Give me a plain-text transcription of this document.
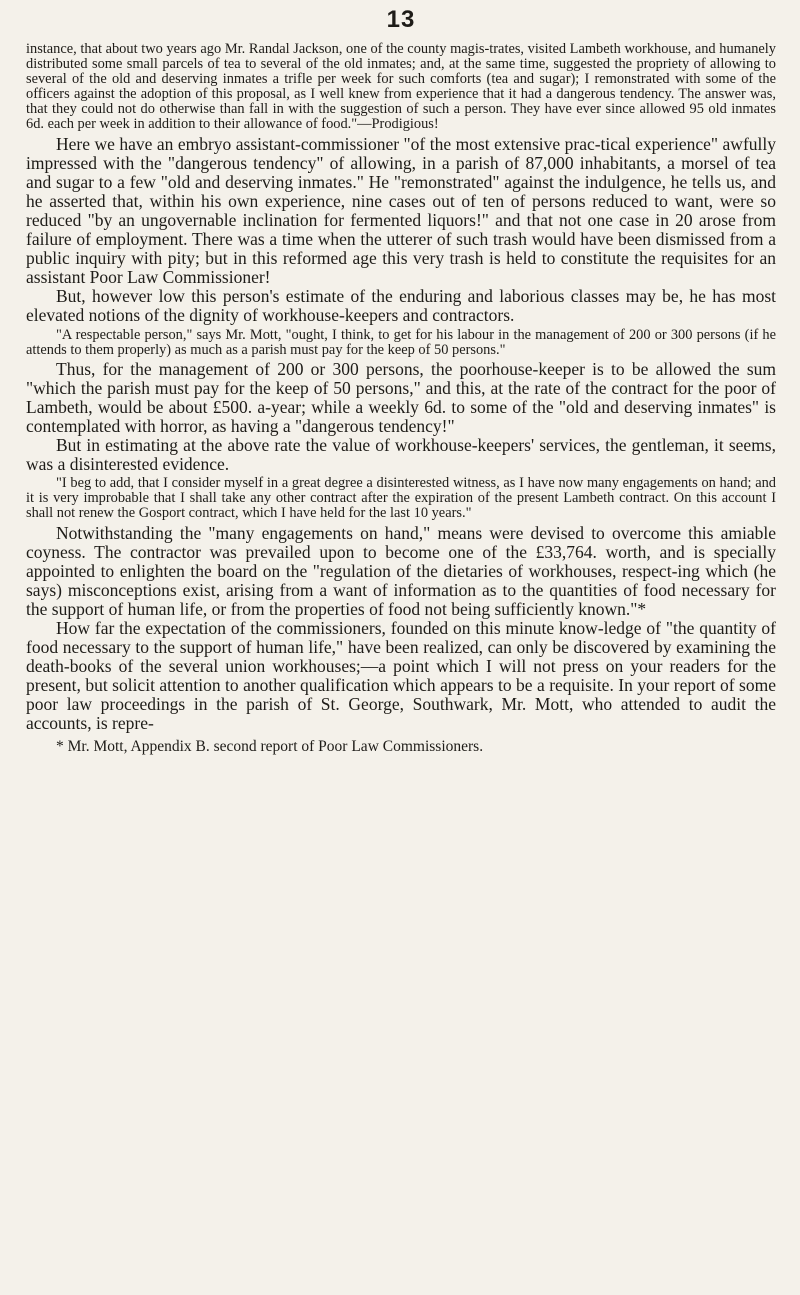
13

instance, that about two years ago Mr. Randal Jackson, one of the county magis-trates, visited Lambeth workhouse, and humanely distributed some small parcels of tea to several of the old inmates; and, at the same time, suggested the propriety of allowing to several of the old and deserving inmates a trifle per week for such comforts (tea and sugar); I remonstrated with some of the officers against the adoption of this proposal, as I well knew from experience that it had a dangerous tendency. The answer was, that they could not do otherwise than fall in with the suggestion of such a person. They have ever since allowed 95 old inmates 6d. each per week in addition to their allowance of food."—Prodigious!

Here we have an embryo assistant-commissioner "of the most extensive prac-tical experience" awfully impressed with the "dangerous tendency" of allowing, in a parish of 87,000 inhabitants, a morsel of tea and sugar to a few "old and deserving inmates." He "remonstrated" against the indulgence, he tells us, and he asserted that, within his own experience, nine cases out of ten of persons reduced to want, were so reduced "by an ungovernable inclination for fermented liquors!" and that not one case in 20 arose from failure of employment. There was a time when the utterer of such trash would have been dismissed from a public inquiry with pity; but in this reformed age this very trash is held to constitute the requisites for an assistant Poor Law Commissioner!

But, however low this person's estimate of the enduring and laborious classes may be, he has most elevated notions of the dignity of workhouse-keepers and contractors.

"A respectable person," says Mr. Mott, "ought, I think, to get for his labour in the management of 200 or 300 persons (if he attends to them properly) as much as a parish must pay for the keep of 50 persons."

Thus, for the management of 200 or 300 persons, the poorhouse-keeper is to be allowed the sum "which the parish must pay for the keep of 50 persons," and this, at the rate of the contract for the poor of Lambeth, would be about £500. a-year; while a weekly 6d. to some of the "old and deserving inmates" is contemplated with horror, as having a "dangerous tendency!"

But in estimating at the above rate the value of workhouse-keepers' services, the gentleman, it seems, was a disinterested evidence.

"I beg to add, that I consider myself in a great degree a disinterested witness, as I have now many engagements on hand; and it is very improbable that I shall take any other contract after the expiration of the present Lambeth contract. On this account I shall not renew the Gosport contract, which I have held for the last 10 years."

Notwithstanding the "many engagements on hand," means were devised to overcome this amiable coyness. The contractor was prevailed upon to become one of the £33,764. worth, and is specially appointed to enlighten the board on the "regulation of the dietaries of workhouses, respect-ing which (he says) misconceptions exist, arising from a want of information as to the quantities of food necessary for the support of human life, or from the properties of food not being sufficiently known."*

How far the expectation of the commissioners, founded on this minute know-ledge of "the quantity of food necessary to the support of human life," have been realized, can only be discovered by examining the death-books of the several union workhouses;—a point which I will not press on your readers for the present, but solicit attention to another qualification which appears to be a requisite. In your report of some poor law proceedings in the parish of St. George, Southwark, Mr. Mott, who attended to audit the accounts, is repre-

* Mr. Mott, Appendix B. second report of Poor Law Commissioners.
